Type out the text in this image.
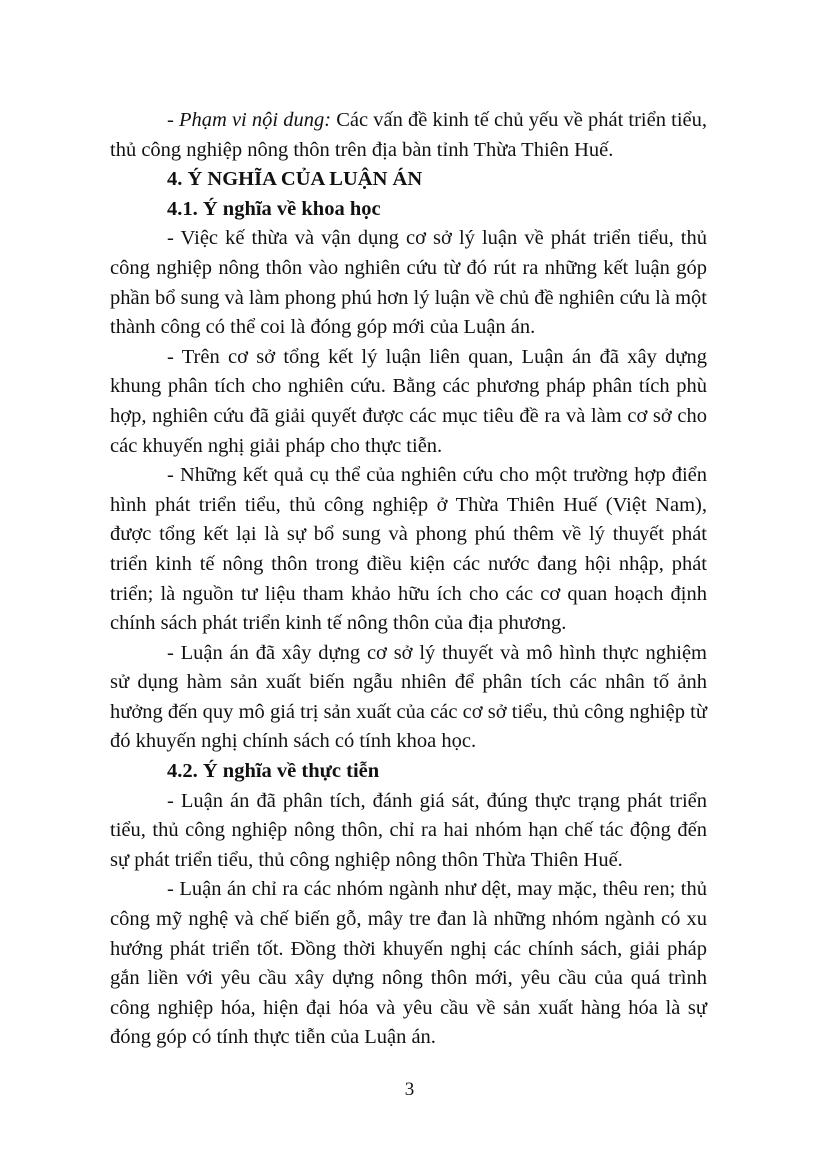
- Phạm vi nội dung: Các vấn đề kinh tế chủ yếu về phát triển tiểu, thủ công nghiệp nông thôn trên địa bàn tỉnh Thừa Thiên Huế.

4. Ý NGHĨA CỦA LUẬN ÁN
4.1. Ý nghĩa về khoa học

- Việc kế thừa và vận dụng cơ sở lý luận về phát triển tiểu, thủ công nghiệp nông thôn vào nghiên cứu từ đó rút ra những kết luận góp phần bổ sung và làm phong phú hơn lý luận về chủ đề nghiên cứu là một thành công có thể coi là đóng góp mới của Luận án.

- Trên cơ sở tổng kết lý luận liên quan, Luận án đã xây dựng khung phân tích cho nghiên cứu. Bằng các phương pháp phân tích phù hợp, nghiên cứu đã giải quyết được các mục tiêu đề ra và làm cơ sở cho các khuyến nghị giải pháp cho thực tiễn.

- Những kết quả cụ thể của nghiên cứu cho một trường hợp điển hình phát triển tiểu, thủ công nghiệp ở Thừa Thiên Huế (Việt Nam), được tổng kết lại là sự bổ sung và phong phú thêm về lý thuyết phát triển kinh tế nông thôn trong điều kiện các nước đang hội nhập, phát triển; là nguồn tư liệu tham khảo hữu ích cho các cơ quan hoạch định chính sách phát triển kinh tế nông thôn của địa phương.

- Luận án đã xây dựng cơ sở lý thuyết và mô hình thực nghiệm sử dụng hàm sản xuất biến ngẫu nhiên để phân tích các nhân tố ảnh hưởng đến quy mô giá trị sản xuất của các cơ sở tiểu, thủ công nghiệp từ đó khuyến nghị chính sách có tính khoa học.

4.2. Ý nghĩa về thực tiễn

- Luận án đã phân tích, đánh giá sát, đúng thực trạng phát triển tiểu, thủ công nghiệp nông thôn, chỉ ra hai nhóm hạn chế tác động đến sự phát triển tiểu, thủ công nghiệp nông thôn Thừa Thiên Huế.

- Luận án chỉ ra các nhóm ngành như dệt, may mặc, thêu ren; thủ công mỹ nghệ và chế biến gỗ, mây tre đan là những nhóm ngành có xu hướng phát triển tốt. Đồng thời khuyến nghị các chính sách, giải pháp gắn liền với yêu cầu xây dựng nông thôn mới, yêu cầu của quá trình công nghiệp hóa, hiện đại hóa và yêu cầu về sản xuất hàng hóa là sự đóng góp có tính thực tiễn của Luận án.

3
